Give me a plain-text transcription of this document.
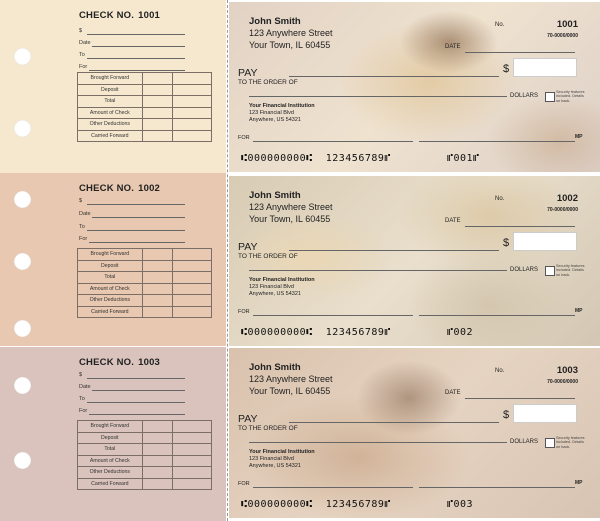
CHECK NO. 1001
$
Date
To
For
Brought Forward		
Deposit		
Total		
Amount of Check		
Other Deductions		
Carried Forward		
CHECK NO. 1002
$
Date
To
For
Brought Forward		
Deposit		
Total		
Amount of Check		
Other Deductions		
Carried Forward		
CHECK NO. 1003
$
Date
To
For
Brought Forward		
Deposit		
Total		
Amount of Check		
Other Deductions		
Carried Forward		
John Smith
123 Anywhere Street
Your Town, IL 60455
No.	1001
70-0000/0000
DATE
PAY
TO THE ORDER OF
$
DOLLARS
Security features included. Details on back.
Your Financial Institution
123 Financial Blvd
Anywhere, US 54321
FOR	MP
⑆000000000⑆  123456789⑈	⑈001⑈
John Smith
123 Anywhere Street
Your Town, IL 60455
No.	1002
70-0000/0000
DATE
PAY
TO THE ORDER OF
$
DOLLARS
Security features included. Details on back.
Your Financial Institution
123 Financial Blvd
Anywhere, US 54321
FOR	MP
⑆000000000⑆  123456789⑈	⑈002
John Smith
123 Anywhere Street
Your Town, IL 60455
No.	1003
70-0000/0000
DATE
PAY
TO THE ORDER OF
$
DOLLARS
Security features included. Details on back.
Your Financial Institution
123 Financial Blvd
Anywhere, US 54321
FOR	MP
⑆000000000⑆  123456789⑈	⑈003
